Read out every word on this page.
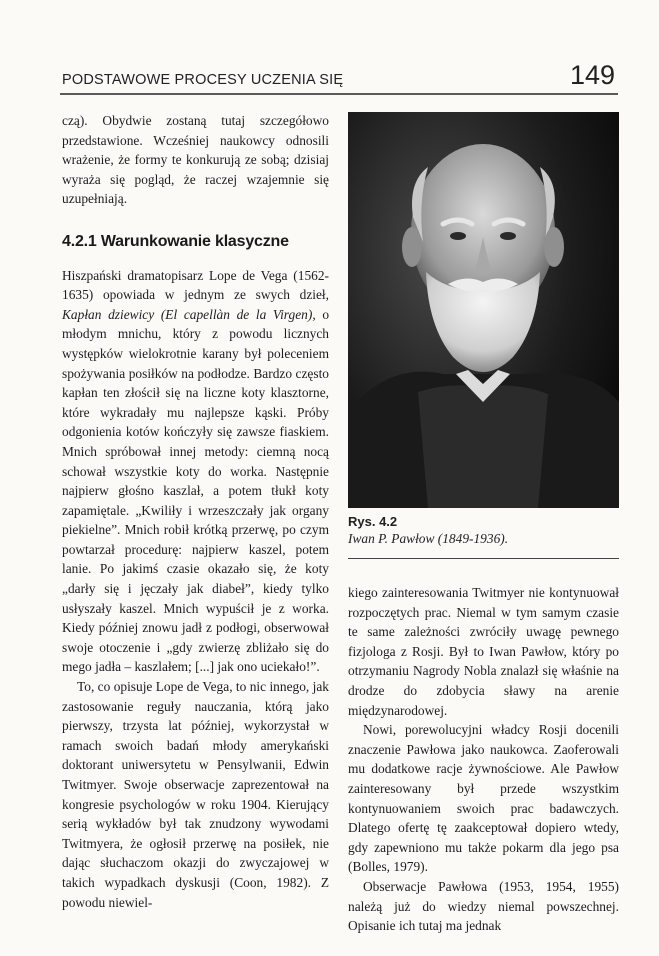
PODSTAWOWE PROCESY UCZENIA SIĘ	149

czą). Obydwie zostaną tutaj szczegółowo przedstawione. Wcześniej naukowcy odnosili wrażenie, że formy te konkurują ze sobą; dzisiaj wyraża się pogląd, że raczej wzajemnie się uzupełniają.

4.2.1 Warunkowanie klasyczne

Hiszpański dramatopisarz Lope de Vega (1562-1635) opowiada w jednym ze swych dzieł, Kapłan dziewicy (El capellàn de la Virgen), o młodym mnichu, który z powodu licznych występków wielokrotnie karany był poleceniem spożywania posiłków na podłodze. Bardzo często kapłan ten złościł się na liczne koty klasztorne, które wykradały mu najlepsze kąski. Próby odgonienia kotów kończyły się zawsze fiaskiem. Mnich spróbował innej metody: ciemną nocą schował wszystkie koty do worka. Następnie najpierw głośno kaszlał, a potem tłukł koty zapamiętale. „Kwiliły i wrzeszczały jak organy piekielne”. Mnich robił krótką przerwę, po czym powtarzał procedurę: najpierw kaszel, potem lanie. Po jakimś czasie okazało się, że koty „darły się i jęczały jak diabeł”, kiedy tylko usłyszały kaszel. Mnich wypuścił je z worka. Kiedy później znowu jadł z podłogi, obserwował swoje otoczenie i „gdy zwierzę zbliżało się do mego jadła – kaszlałem; [...] jak ono uciekało!”.

To, co opisuje Lope de Vega, to nic innego, jak zastosowanie reguły nauczania, którą jako pierwszy, trzysta lat później, wykorzystał w ramach swoich badań młody amerykański doktorant uniwersytetu w Pensylwanii, Edwin Twitmyer. Swoje obserwacje zaprezentował na kongresie psychologów w roku 1904. Kierujący serią wykładów był tak znudzony wywodami Twitmyera, że ogłosił przerwę na posiłek, nie dając słuchaczom okazji do zwyczajowej w takich wypadkach dyskusji (Coon, 1982). Z powodu niewiel-

Rys. 4.2
Iwan P. Pawłow (1849-1936).

kiego zainteresowania Twitmyer nie kontynuował rozpoczętych prac. Niemal w tym samym czasie te same zależności zwróciły uwagę pewnego fizjologa z Rosji. Był to Iwan Pawłow, który po otrzymaniu Nagrody Nobla znalazł się właśnie na drodze do zdobycia sławy na arenie międzynarodowej.

Nowi, porewolucyjni władcy Rosji docenili znaczenie Pawłowa jako naukowca. Zaoferowali mu dodatkowe racje żywnościowe. Ale Pawłow zainteresowany był przede wszystkim kontynuowaniem swoich prac badawczych. Dlatego ofertę tę zaakceptował dopiero wtedy, gdy zapewniono mu także pokarm dla jego psa (Bolles, 1979).

Obserwacje Pawłowa (1953, 1954, 1955) należą już do wiedzy niemal powszechnej. Opisanie ich tutaj ma jednak
